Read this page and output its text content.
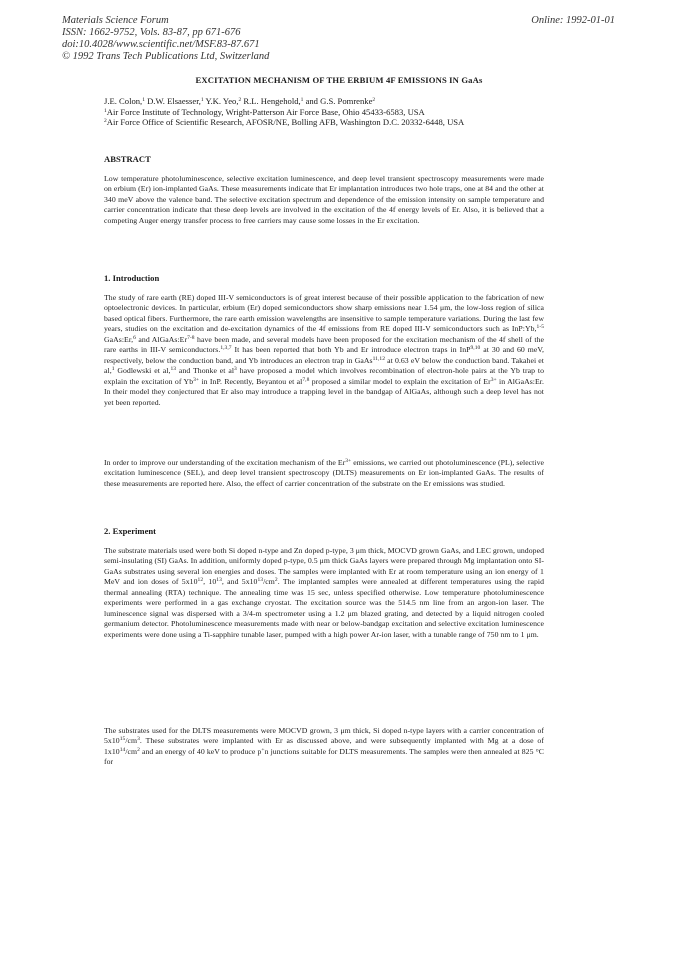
Materials Science Forum
ISSN: 1662-9752, Vols. 83-87, pp 671-676
doi:10.4028/www.scientific.net/MSF.83-87.671
© 1992 Trans Tech Publications Ltd, Switzerland
Online: 1992-01-01
EXCITATION MECHANISM OF THE ERBIUM 4F EMISSIONS IN GaAs
J.E. Colon,$^1$ D.W. Elsaesser,$^1$ Y.K. Yeo,$^2$ R.L. Hengehold,$^1$ and G.S. Pomrenke$^2$
$^1$Air Force Institute of Technology, Wright-Patterson Air Force Base, Ohio 45433-6583, USA
$^2$Air Force Office of Scientific Research, AFOSR/NE, Bolling AFB, Washington D.C. 20332-6448, USA
ABSTRACT

Low temperature photoluminescence, selective excitation luminescence, and deep level transient spectroscopy measurements were made on erbium (Er) ion-implanted GaAs. These measurements indicate that Er implantation introduces two hole traps, one at 84 and the other at 340 meV above the valence band. The selective excitation spectrum and dependence of the emission intensity on sample temperature and carrier concentration indicate that these deep levels are involved in the excitation of the 4f energy levels of Er. Also, it is believed that a competing Auger energy transfer process to free carriers may cause some losses in the Er excitation.

1. Introduction

The study of rare earth (RE) doped III-V semiconductors is of great interest because of their possible application to the fabrication of new optoelectronic devices. In particular, erbium (Er) doped semiconductors show sharp emissions near 1.54 μm, the low-loss region of silica based optical fibers. Furthermore, the rare earth emission wavelengths are insensitive to sample temperature variations. During the last few years, studies on the excitation and de-excitation dynamics of the 4f emissions from RE doped III-V semiconductors such as InP:Yb,$^{1-5}$ GaAs:Er,$^6$ and AlGaAs:Er$^{7-8}$ have been made, and several models have been proposed for the excitation mechanism of the 4f shell of the rare earths in III-V semiconductors.$^{1,3,7}$ It has been reported that both Yb and Er introduce electron traps in InP$^{9,10}$ at 30 and 60 meV, respectively, below the conduction band, and Yb introduces an electron trap in GaAs$^{11,12}$ at 0.63 eV below the conduction band. Takahei et al,$^1$ Godlewski et al,$^{13}$ and Thonke et $al^3$ have proposed a model which involves recombination of electron-hole pairs at the Yb trap to explain the excitation of $Yb^{3+}$ in InP. Recently, Beyantou et al$^{7,8}$ proposed a similar model to explain the excitation of $Er^{3+}$ in AlGaAs:Er. In their model they conjectured that Er also may introduce a trapping level in the bandgap of AlGaAs, although such a deep level has not yet been reported.

In order to improve our understanding of the excitation mechanism of the $Er^{3+}$ emissions, we carried out photoluminescence (PL), selective excitation luminescence (SEL), and deep level transient spectroscopy (DLTS) measurements on Er ion-implanted GaAs. The results of these measurements are reported here. Also, the effect of carrier concentration of the substrate on the Er emissions was studied.

2. Experiment

The substrate materials used were both Si doped n-type and Zn doped p-type, 3 μm thick, MOCVD grown GaAs, and LEC grown, undoped semi-insulating (SI) GaAs. In addition, uniformly doped p-type, 0.5 μm thick GaAs layers were prepared through Mg implantation onto SI-GaAs substrates using several ion energies and doses. The samples were implanted with Er at room temperature using an ion energy of 1 MeV and ion doses of $5x10^{12}$, $10^{13}$, and $5x10^{13}/cm^2$. The implanted samples were annealed at different temperatures using the rapid thermal annealing (RTA) technique. The annealing time was 15 sec, unless specified otherwise. Low temperature photoluminescence experiments were performed in a gas exchange cryostat. The excitation source was the 514.5 nm line from an argon-ion laser. The luminescence signal was dispersed with a 3/4-m spectrometer using a 1.2 μm blazed grating, and detected by a liquid nitrogen cooled germanium detector. Photoluminescence measurements made with near or below-bandgap excitation and selective excitation luminescence experiments were done using a Ti-sapphire tunable laser, pumped with a high power Ar-ion laser, with a tunable range of 750 nm to 1 μm.

The substrates used for the DLTS measurements were MOCVD grown, 3 μm thick, Si doped n-type layers with a carrier concentration of $5x10^{15}/cm^3$. These substrates were implanted with Er as discussed above, and were subsequently implanted with Mg at a dose of $1x10^{14}/cm^2$ and an energy of 40 keV to produce p+n junctions suitable for DLTS measurements. The samples were then annealed at 825 °C for
